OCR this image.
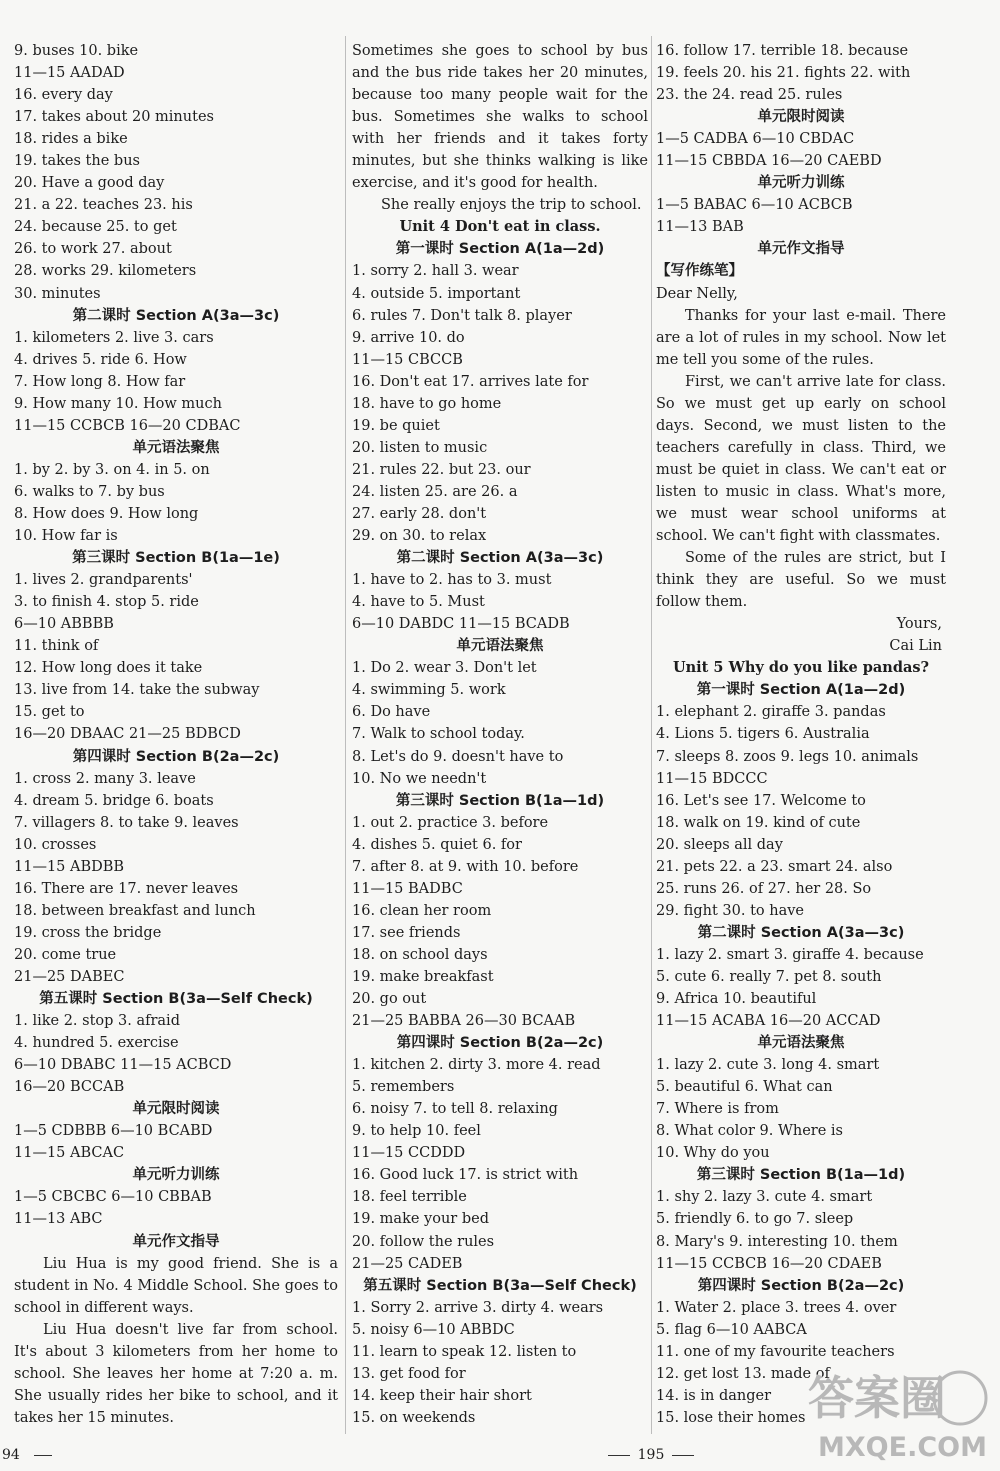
9. buses 10. bike
11—15 AADAD
16. every day
17. takes about 20 minutes
18. rides a bike
19. takes the bus
20. Have a good day
21. a 22. teaches 23. his
24. because 25. to get
26. to work 27. about
28. works 29. kilometers
30. minutes
第二课时 Section A(3a—3c)
1. kilometers 2. live 3. cars
4. drives 5. ride 6. How
7. How long 8. How far
9. How many 10. How much
11—15 CCBCB 16—20 CDBAC
单元语法聚焦
1. by 2. by 3. on 4. in 5. on
6. walks to 7. by bus
8. How does 9. How long
10. How far is
第三课时 Section B(1a—1e)
1. lives 2. grandparents'
3. to finish 4. stop 5. ride
6—10 ABBBB
11. think of
12. How long does it take
13. live from 14. take the subway
15. get to
16—20 DBAAC 21—25 BDBCD
第四课时 Section B(2a—2c)
1. cross 2. many 3. leave
4. dream 5. bridge 6. boats
7. villagers 8. to take 9. leaves
10. crosses
11—15 ABDBB
16. There are 17. never leaves
18. between breakfast and lunch
19. cross the bridge
20. come true
21—25 DABEC
第五课时 Section B(3a—Self Check)
1. like 2. stop 3. afraid
4. hundred 5. exercise
6—10 DBABC 11—15 ACBCD
16—20 BCCAB
单元限时阅读
1—5 CDBBB 6—10 BCABD
11—15 ABCAC
单元听力训练
1—5 CBCBC 6—10 CBBAB
11—13 ABC
单元作文指导

Liu Hua is my good friend. She is a student in No. 4 Middle School. She goes to school in different ways.

Liu Hua doesn't live far from school. It's about 3 kilometers from her home to school. She leaves her home at 7:20 a. m. She usually rides her bike to school, and it takes her 15 minutes.

Sometimes she goes to school by bus and the bus ride takes her 20 minutes, because too many people wait for the bus. Sometimes she walks to school with her friends and it takes forty minutes, but she thinks walking is like exercise, and it's good for health.

She really enjoys the trip to school.

Unit 4 Don't eat in class.
第一课时 Section A(1a—2d)
1. sorry 2. hall 3. wear
4. outside 5. important
6. rules 7. Don't talk 8. player
9. arrive 10. do
11—15 CBCCB
16. Don't eat 17. arrives late for
18. have to go home
19. be quiet
20. listen to music
21. rules 22. but 23. our
24. listen 25. are 26. a
27. early 28. don't
29. on 30. to relax
第二课时 Section A(3a—3c)
1. have to 2. has to 3. must
4. have to 5. Must
6—10 DABDC 11—15 BCADB
单元语法聚焦
1. Do 2. wear 3. Don't let
4. swimming 5. work
6. Do have
7. Walk to school today.
8. Let's do 9. doesn't have to
10. No we needn't
第三课时 Section B(1a—1d)
1. out 2. practice 3. before
4. dishes 5. quiet 6. for
7. after 8. at 9. with 10. before
11—15 BADBC
16. clean her room
17. see friends
18. on school days
19. make breakfast
20. go out
21—25 BABBA 26—30 BCAAB
第四课时 Section B(2a—2c)
1. kitchen 2. dirty 3. more 4. read
5. remembers
6. noisy 7. to tell 8. relaxing
9. to help 10. feel
11—15 CCDDD
16. Good luck 17. is strict with
18. feel terrible
19. make your bed
20. follow the rules
21—25 CADEB
第五课时 Section B(3a—Self Check)
1. Sorry 2. arrive 3. dirty 4. wears
5. noisy 6—10 ABBDC
11. learn to speak 12. listen to
13. get food for
14. keep their hair short
15. on weekends
16. follow 17. terrible 18. because
19. feels 20. his 21. fights 22. with
23. the 24. read 25. rules
单元限时阅读
1—5 CADBA 6—10 CBDAC
11—15 CBBDA 16—20 CAEBD
单元听力训练
1—5 BABAC 6—10 ACBCB
11—13 BAB
单元作文指导
【写作练笔】
Dear Nelly,

Thanks for your last e-mail. There are a lot of rules in my school. Now let me tell you some of the rules.

First, we can't arrive late for class. So we must get up early on school days. Second, we must listen to the teachers carefully in class. Third, we must be quiet in class. We can't eat or listen to music in class. What's more, we must wear school uniforms at school. We can't fight with classmates.

Some of the rules are strict, but I think they are useful. So we must follow them.

Yours,
Cai Lin
Unit 5 Why do you like pandas?
第一课时 Section A(1a—2d)
1. elephant 2. giraffe 3. pandas
4. Lions 5. tigers 6. Australia
7. sleeps 8. zoos 9. legs 10. animals
11—15 BDCCC
16. Let's see 17. Welcome to
18. walk on 19. kind of cute
20. sleeps all day
21. pets 22. a 23. smart 24. also
25. runs 26. of 27. her 28. So
29. fight 30. to have
第二课时 Section A(3a—3c)
1. lazy 2. smart 3. giraffe 4. because
5. cute 6. really 7. pet 8. south
9. Africa 10. beautiful
11—15 ACABA 16—20 ACCAD
单元语法聚焦
1. lazy 2. cute 3. long 4. smart
5. beautiful 6. What can
7. Where is from
8. What color 9. Where is
10. Why do you
第三课时 Section B(1a—1d)
1. shy 2. lazy 3. cute 4. smart
5. friendly 6. to go 7. sleep
8. Mary's 9. interesting 10. them
11—15 CCBCB 16—20 CDAEB
第四课时 Section B(2a—2c)
1. Water 2. place 3. trees 4. over
5. flag 6—10 AABCA
11. one of my favourite teachers
12. get lost 13. made of
14. is in danger
15. lose their homes
94	195
答案圈
MXQE.COM
